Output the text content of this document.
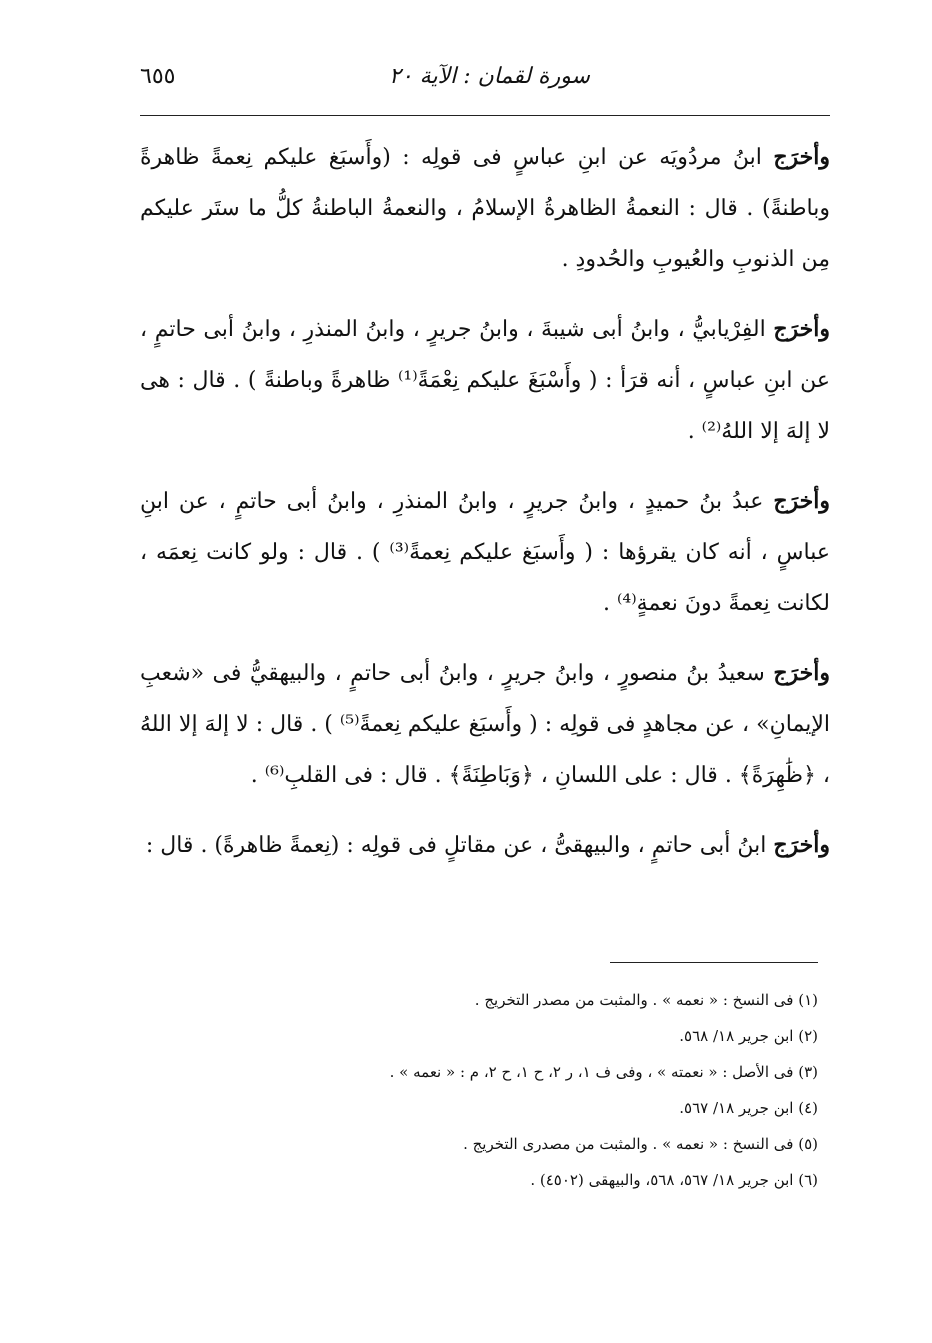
سورة لقمان : الآية ٢٠
٦٥٥

وأخرَج ابنُ مردُويَه عن ابنِ عباسٍ فى قولِه : (وأَسبَغ عليكم نِعمةً ظاهرةً وباطنةً) . قال : النعمةُ الظاهرةُ الإسلامُ ، والنعمةُ الباطنةُ كلُّ ما ستَر عليكم مِن الذنوبِ والعُيوبِ والحُدودِ .

وأخرَج الفِرْيابيُّ ، وابنُ أبى شيبةَ ، وابنُ جريرٍ ، وابنُ المنذرِ ، وابنُ أبى حاتمٍ ، عن ابنِ عباسٍ ، أنه قرَأ : ( وأَسْبَغَ عليكم نِعْمَةً⁽¹⁾ ظاهرةً وباطنةً ) . قال : هى لا إلهَ إلا اللهُ⁽²⁾ .

وأخرَج عبدُ بنُ حميدٍ ، وابنُ جريرٍ ، وابنُ المنذرِ ، وابنُ أبى حاتمٍ ، عن ابنِ عباسٍ ، أنه كان يقرؤها : ( وأَسبَغ عليكم نِعمةً⁽³⁾ ) . قال : ولو كانت نِعمَه ، لكانت نِعمةً دونَ نعمةٍ⁽⁴⁾ .

وأخرَج سعيدُ بنُ منصورٍ ، وابنُ جريرٍ ، وابنُ أبى حاتمٍ ، والبيهقيُّ فى «شعبِ الإيمانِ» ، عن مجاهدٍ فى قولِه : ( وأَسبَغ عليكم نِعمةً⁽⁵⁾ ) . قال : لا إلهَ إلا اللهُ ، ﴿ظَٰهِرَةً﴾ . قال : على اللسانِ ، ﴿وَبَاطِنَةً﴾ . قال : فى القلبِ⁽⁶⁾ .

وأخرَج ابنُ أبى حاتمٍ ، والبيهقىُّ ، عن مقاتلٍ فى قولِه : (نِعمةً ظاهرةً) . قال :

(١) فى النسخ : « نعمه » . والمثبت من مصدر التخريج .
(٢) ابن جرير ١٨/ ٥٦٨.
(٣) فى الأصل : « نعمته » ، وفى ف ١، ر ٢، ح ١، ح ٢، م : « نعمه » .
(٤) ابن جرير ١٨/ ٥٦٧.
(٥) فى النسخ : « نعمه » . والمثبت من مصدرى التخريج .
(٦) ابن جرير ١٨/ ٥٦٧، ٥٦٨، والبيهقى (٤٥٠٢) .
